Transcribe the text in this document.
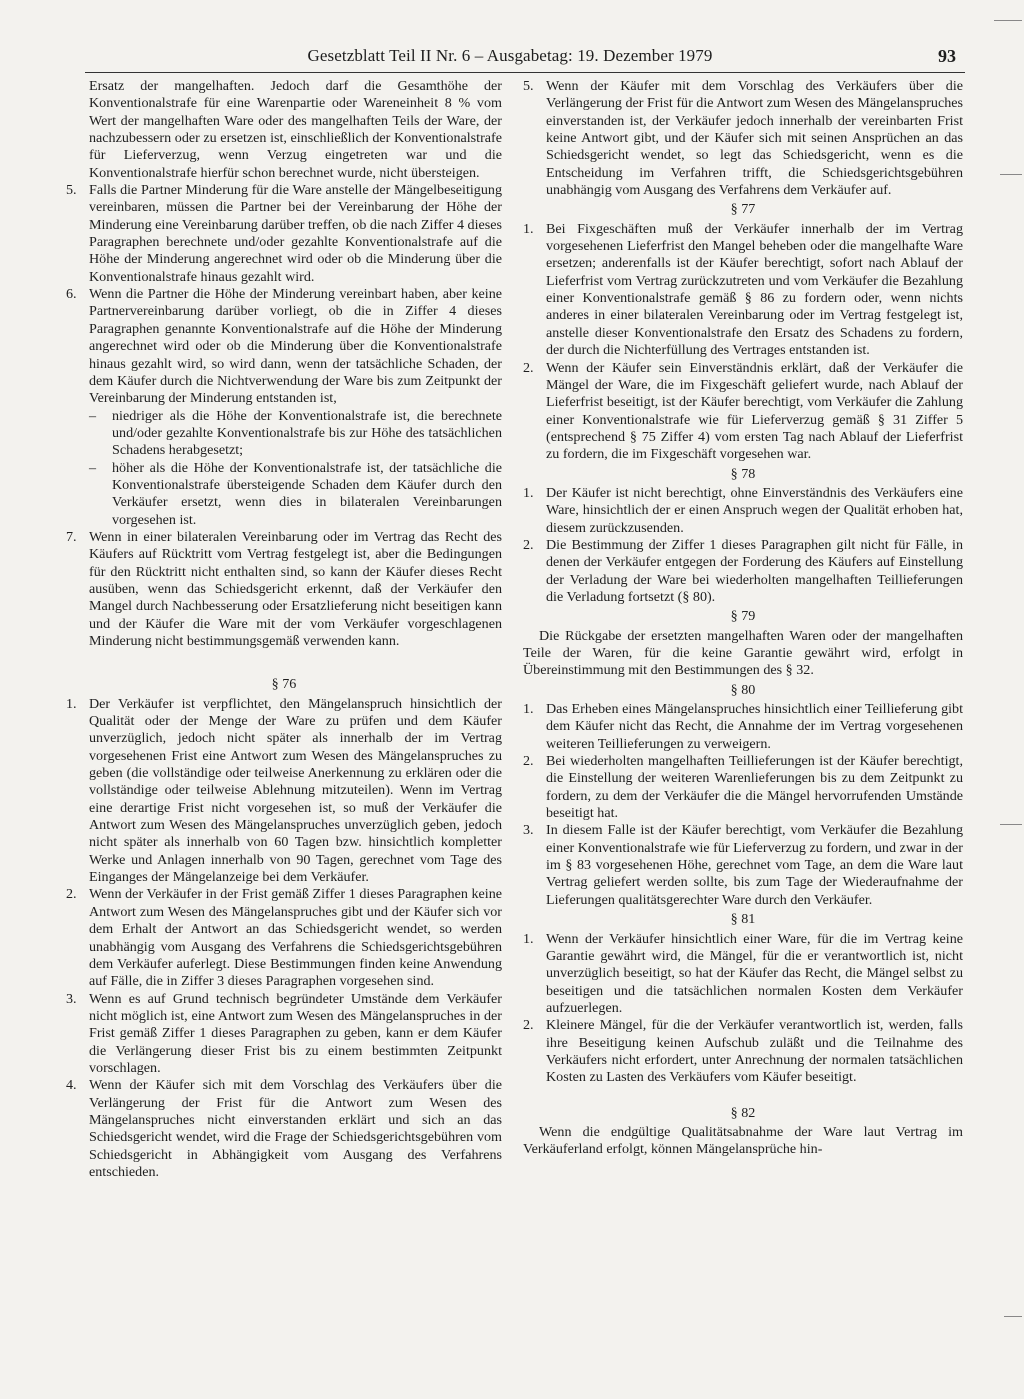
Gesetzblatt Teil II Nr. 6 – Ausgabetag: 19. Dezember 1979	93

Ersatz der mangelhaften. Jedoch darf die Gesamthöhe der Konventionalstrafe für eine Warenpartie oder Wareneinheit 8 % vom Wert der mangelhaften Ware oder des mangelhaften Teils der Ware, der nachzubessern oder zu ersetzen ist, einschließlich der Konventionalstrafe für Lieferverzug, wenn Verzug eingetreten war und die Konventionalstrafe hierfür schon berechnet wurde, nicht übersteigen.

5. Falls die Partner Minderung für die Ware anstelle der Mängelbeseitigung vereinbaren, müssen die Partner bei der Vereinbarung der Höhe der Minderung eine Vereinbarung darüber treffen, ob die nach Ziffer 4 dieses Paragraphen berechnete und/oder gezahlte Konventionalstrafe auf die Höhe der Minderung angerechnet wird oder ob die Minderung über die Konventionalstrafe hinaus gezahlt wird.
6. Wenn die Partner die Höhe der Minderung vereinbart haben, aber keine Partnervereinbarung darüber vorliegt, ob die in Ziffer 4 dieses Paragraphen genannte Konventionalstrafe auf die Höhe der Minderung angerechnet wird oder ob die Minderung über die Konventionalstrafe hinaus gezahlt wird, so wird dann, wenn der tatsächliche Schaden, der dem Käufer durch die Nichtverwendung der Ware bis zum Zeitpunkt der Vereinbarung der Minderung entstanden ist,
– niedriger als die Höhe der Konventionalstrafe ist, die berechnete und/oder gezahlte Konventionalstrafe bis zur Höhe des tatsächlichen Schadens herabgesetzt;
– höher als die Höhe der Konventionalstrafe ist, der tatsächliche die Konventionalstrafe übersteigende Schaden dem Käufer durch den Verkäufer ersetzt, wenn dies in bilateralen Vereinbarungen vorgesehen ist.
7. Wenn in einer bilateralen Vereinbarung oder im Vertrag das Recht des Käufers auf Rücktritt vom Vertrag festgelegt ist, aber die Bedingungen für den Rücktritt nicht enthalten sind, so kann der Käufer dieses Recht ausüben, wenn das Schiedsgericht erkennt, daß der Verkäufer den Mangel durch Nachbesserung oder Ersatzlieferung nicht beseitigen kann und der Käufer die Ware mit der vom Verkäufer vorgeschlagenen Minderung nicht bestimmungsgemäß verwenden kann.
§ 76
1. Der Verkäufer ist verpflichtet, den Mängelanspruch hinsichtlich der Qualität oder der Menge der Ware zu prüfen und dem Käufer unverzüglich, jedoch nicht später als innerhalb der im Vertrag vorgesehenen Frist eine Antwort zum Wesen des Mängelanspruches zu geben (die vollständige oder teilweise Anerkennung zu erklären oder die vollständige oder teilweise Ablehnung mitzuteilen). Wenn im Vertrag eine derartige Frist nicht vorgesehen ist, so muß der Verkäufer die Antwort zum Wesen des Mängelanspruches unverzüglich geben, jedoch nicht später als innerhalb von 60 Tagen bzw. hinsichtlich kompletter Werke und Anlagen innerhalb von 90 Tagen, gerechnet vom Tage des Einganges der Mängelanzeige bei dem Verkäufer.
2. Wenn der Verkäufer in der Frist gemäß Ziffer 1 dieses Paragraphen keine Antwort zum Wesen des Mängelanspruches gibt und der Käufer sich vor dem Erhalt der Antwort an das Schiedsgericht wendet, so werden unabhängig vom Ausgang des Verfahrens die Schiedsgerichtsgebühren dem Verkäufer auferlegt. Diese Bestimmungen finden keine Anwendung auf Fälle, die in Ziffer 3 dieses Paragraphen vorgesehen sind.
3. Wenn es auf Grund technisch begründeter Umstände dem Verkäufer nicht möglich ist, eine Antwort zum Wesen des Mängelanspruches in der Frist gemäß Ziffer 1 dieses Paragraphen zu geben, kann er dem Käufer die Verlängerung dieser Frist bis zu einem bestimmten Zeitpunkt vorschlagen.
4. Wenn der Käufer sich mit dem Vorschlag des Verkäufers über die Verlängerung der Frist für die Antwort zum Wesen des Mängelanspruches nicht einverstanden erklärt und sich an das Schiedsgericht wendet, wird die Frage der Schiedsgerichtsgebühren vom Schiedsgericht in Abhängigkeit vom Ausgang des Verfahrens entschieden.
5. Wenn der Käufer mit dem Vorschlag des Verkäufers über die Verlängerung der Frist für die Antwort zum Wesen des Mängelanspruches einverstanden ist, der Verkäufer jedoch innerhalb der vereinbarten Frist keine Antwort gibt, und der Käufer sich mit seinen Ansprüchen an das Schiedsgericht wendet, so legt das Schiedsgericht, wenn es die Entscheidung im Verfahren trifft, die Schiedsgerichtsgebühren unabhängig vom Ausgang des Verfahrens dem Verkäufer auf.
§ 77
1. Bei Fixgeschäften muß der Verkäufer innerhalb der im Vertrag vorgesehenen Lieferfrist den Mangel beheben oder die mangelhafte Ware ersetzen; anderenfalls ist der Käufer berechtigt, sofort nach Ablauf der Lieferfrist vom Vertrag zurückzutreten und vom Verkäufer die Bezahlung einer Konventionalstrafe gemäß § 86 zu fordern oder, wenn nichts anderes in einer bilateralen Vereinbarung oder im Vertrag festgelegt ist, anstelle dieser Konventionalstrafe den Ersatz des Schadens zu fordern, der durch die Nichterfüllung des Vertrages entstanden ist.
2. Wenn der Käufer sein Einverständnis erklärt, daß der Verkäufer die Mängel der Ware, die im Fixgeschäft geliefert wurde, nach Ablauf der Lieferfrist beseitigt, ist der Käufer berechtigt, vom Verkäufer die Zahlung einer Konventionalstrafe wie für Lieferverzug gemäß § 31 Ziffer 5 (entsprechend § 75 Ziffer 4) vom ersten Tag nach Ablauf der Lieferfrist zu fordern, die im Fixgeschäft vorgesehen war.
§ 78
1. Der Käufer ist nicht berechtigt, ohne Einverständnis des Verkäufers eine Ware, hinsichtlich der er einen Anspruch wegen der Qualität erhoben hat, diesem zurückzusenden.
2. Die Bestimmung der Ziffer 1 dieses Paragraphen gilt nicht für Fälle, in denen der Verkäufer entgegen der Forderung des Käufers auf Einstellung der Verladung der Ware bei wiederholten mangelhaften Teillieferungen die Verladung fortsetzt (§ 80).
§ 79

Die Rückgabe der ersetzten mangelhaften Waren oder der mangelhaften Teile der Waren, für die keine Garantie gewährt wird, erfolgt in Übereinstimmung mit den Bestimmungen des § 32.

§ 80
1. Das Erheben eines Mängelanspruches hinsichtlich einer Teillieferung gibt dem Käufer nicht das Recht, die Annahme der im Vertrag vorgesehenen weiteren Teillieferungen zu verweigern.
2. Bei wiederholten mangelhaften Teillieferungen ist der Käufer berechtigt, die Einstellung der weiteren Warenlieferungen bis zu dem Zeitpunkt zu fordern, zu dem der Verkäufer die die Mängel hervorrufenden Umstände beseitigt hat.
3. In diesem Falle ist der Käufer berechtigt, vom Verkäufer die Bezahlung einer Konventionalstrafe wie für Lieferverzug zu fordern, und zwar in der im § 83 vorgesehenen Höhe, gerechnet vom Tage, an dem die Ware laut Vertrag geliefert werden sollte, bis zum Tage der Wiederaufnahme der Lieferungen qualitätsgerechter Ware durch den Verkäufer.
§ 81
1. Wenn der Verkäufer hinsichtlich einer Ware, für die im Vertrag keine Garantie gewährt wird, die Mängel, für die er verantwortlich ist, nicht unverzüglich beseitigt, so hat der Käufer das Recht, die Mängel selbst zu beseitigen und die tatsächlichen normalen Kosten dem Verkäufer aufzuerlegen.
2. Kleinere Mängel, für die der Verkäufer verantwortlich ist, werden, falls ihre Beseitigung keinen Aufschub zuläßt und die Teilnahme des Verkäufers nicht erfordert, unter Anrechnung der normalen tatsächlichen Kosten zu Lasten des Verkäufers vom Käufer beseitigt.
§ 82

Wenn die endgültige Qualitätsabnahme der Ware laut Vertrag im Verkäuferland erfolgt, können Mängelansprüche hin-
